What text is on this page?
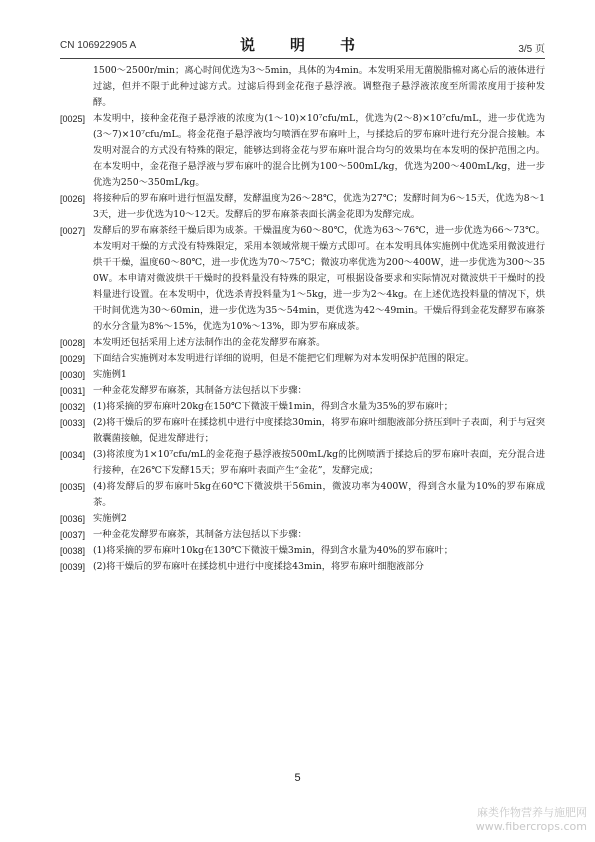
CN 106922905 A	说　明　书	3/5 页
1500～2500r/min；离心时间优选为3～5min，具体的为4min。本发明采用无菌脱脂棉对离心后的液体进行过滤，但并不限于此种过滤方式。过滤后得到金花孢子悬浮液。调整孢子悬浮液浓度至所需浓度用于接种发酵。
[0025] 本发明中，接种金花孢子悬浮液的浓度为(1～10)×10⁷cfu/mL，优选为(2～8)×10⁷cfu/mL，进一步优选为(3～7)×10⁷cfu/mL。将金花孢子悬浮液均匀喷洒在罗布麻叶上，与揉捻后的罗布麻叶进行充分混合接触。本发明对混合的方式没有特殊的限定，能够达到将金花与罗布麻叶混合均匀的效果均在本发明的保护范围之内。在本发明中，金花孢子悬浮液与罗布麻叶的混合比例为100～500mL/kg，优选为200～400mL/kg，进一步优选为250～350mL/kg。
[0026] 将接种后的罗布麻叶进行恒温发酵，发酵温度为26～28℃，优选为27℃；发酵时间为6～15天，优选为8～13天，进一步优选为10～12天。发酵后的罗布麻茶表面长满金花即为发酵完成。
[0027] 发酵后的罗布麻茶经干燥后即为成茶。干燥温度为60～80℃，优选为63～76℃，进一步优选为66～73℃。本发明对干燥的方式没有特殊限定，采用本领域常规干燥方式即可。在本发明具体实施例中优选采用微波进行烘干干燥，温度60～80℃，进一步优选为70～75℃；微波功率优选为200～400W，进一步优选为300～350W。本申请对微波烘干干燥时的投料量没有特殊的限定，可根据设备要求和实际情况对微波烘干干燥时的投料量进行设置。在本发明中，优选杀青投料量为1～5kg，进一步为2～4kg。在上述优选投料量的情况下，烘干时间优选为30～60min，进一步优选为35～54min，更优选为42～49min。干燥后得到金花发酵罗布麻茶的水分含量为8%～15%，优选为10%～13%，即为罗布麻成茶。
[0028] 本发明还包括采用上述方法制作出的金花发酵罗布麻茶。
[0029] 下面结合实施例对本发明进行详细的说明，但是不能把它们理解为对本发明保护范围的限定。
[0030] 实施例1
[0031] 一种金花发酵罗布麻茶，其制备方法包括以下步骤：
[0032] (1)将采摘的罗布麻叶20kg在150℃下微波干燥1min，得到含水量为35%的罗布麻叶；
[0033] (2)将干燥后的罗布麻叶在揉捻机中进行中度揉捻30min，将罗布麻叶细胞液部分挤压到叶子表面，利于与冠突散囊菌接触，促进发酵进行；
[0034] (3)将浓度为1×10⁷cfu/mL的金花孢子悬浮液按500mL/kg的比例喷洒于揉捻后的罗布麻叶表面，充分混合进行接种，在26℃下发酵15天；罗布麻叶表面产生“金花”，发酵完成；
[0035] (4)将发酵后的罗布麻叶5kg在60℃下微波烘干56min，微波功率为400W，得到含水量为10%的罗布麻成茶。
[0036] 实施例2
[0037] 一种金花发酵罗布麻茶，其制备方法包括以下步骤：
[0038] (1)将采摘的罗布麻叶10kg在130℃下微波干燥3min，得到含水量为40%的罗布麻叶；
[0039] (2)将干燥后的罗布麻叶在揉捻机中进行中度揉捻43min，将罗布麻叶细胞液部分
5
麻类作物营养与施肥网
www.fibercrops.com
